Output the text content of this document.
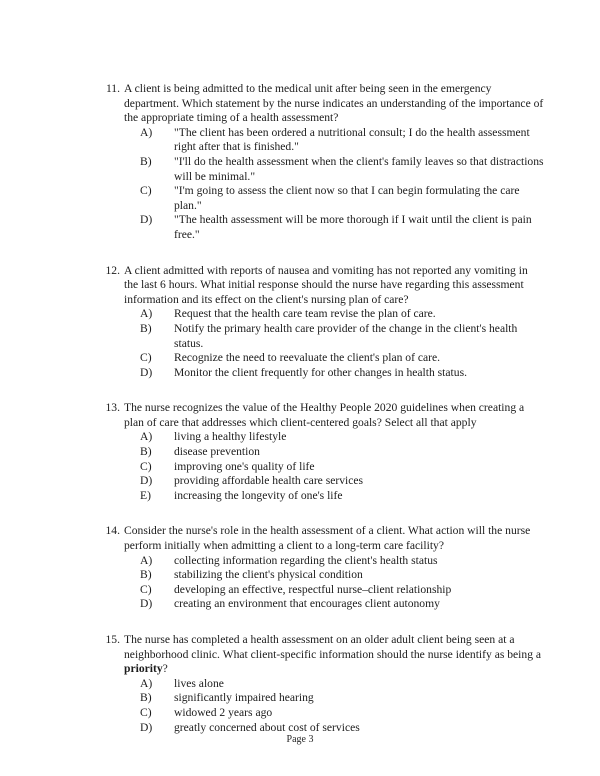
11. A client is being admitted to the medical unit after being seen in the emergency department. Which statement by the nurse indicates an understanding of the importance of the appropriate timing of a health assessment?
A)	"The client has been ordered a nutritional consult; I do the health assessment right after that is finished."
B)	"I'll do the health assessment when the client's family leaves so that distractions will be minimal."
C)	"I'm going to assess the client now so that I can begin formulating the care plan."
D)	"The health assessment will be more thorough if I wait until the client is pain free."
12. A client admitted with reports of nausea and vomiting has not reported any vomiting in the last 6 hours. What initial response should the nurse have regarding this assessment information and its effect on the client's nursing plan of care?
A)	Request that the health care team revise the plan of care.
B)	Notify the primary health care provider of the change in the client's health status.
C)	Recognize the need to reevaluate the client's plan of care.
D)	Monitor the client frequently for other changes in health status.
13. The nurse recognizes the value of the Healthy People 2020 guidelines when creating a plan of care that addresses which client-centered goals? Select all that apply
A)	living a healthy lifestyle
B)	disease prevention
C)	improving one's quality of life
D)	providing affordable health care services
E)	increasing the longevity of one's life
14. Consider the nurse's role in the health assessment of a client. What action will the nurse perform initially when admitting a client to a long-term care facility?
A)	collecting information regarding the client's health status
B)	stabilizing the client's physical condition
C)	developing an effective, respectful nurse–client relationship
D)	creating an environment that encourages client autonomy
15. The nurse has completed a health assessment on an older adult client being seen at a neighborhood clinic. What client-specific information should the nurse identify as being a priority?
A)	lives alone
B)	significantly impaired hearing
C)	widowed 2 years ago
D)	greatly concerned about cost of services
Page 3
